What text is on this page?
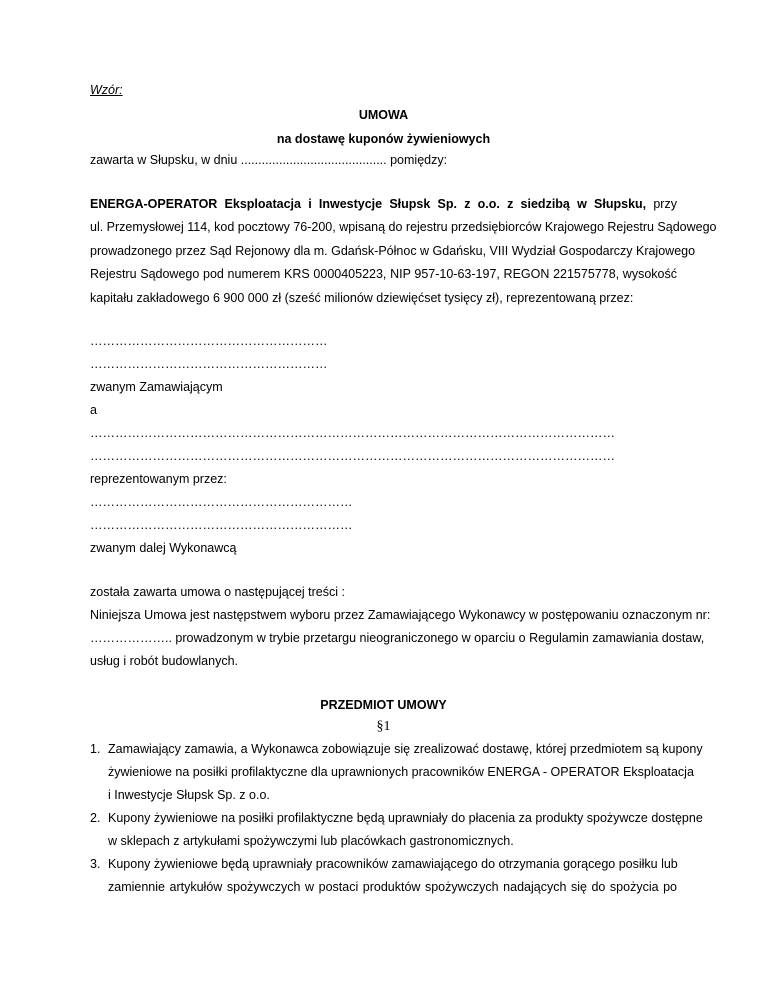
Wzór:
UMOWA
na dostawę kuponów żywieniowych
zawarta w Słupsku, w dniu .......................................... pomiędzy:
ENERGA-OPERATOR Eksploatacja i Inwestycje Słupsk Sp. z o.o. z siedzibą w Słupsku, przy
ul. Przemysłowej 114, kod pocztowy 76-200, wpisaną do rejestru przedsiębiorców Krajowego Rejestru Sądowego
prowadzonego przez Sąd Rejonowy dla m. Gdańsk-Północ w Gdańsku, VIII Wydział Gospodarczy Krajowego
Rejestru Sądowego pod numerem KRS 0000405223, NIP 957-10-63-197, REGON 221575778, wysokość
kapitału zakładowego 6 900 000 zł (sześć milionów dziewięćset tysięcy zł), reprezentowaną przez:
…………………………………………………
…………………………………………………
zwanym Zamawiającym
a
………………………………………………………………………………………………………………
………………………………………………………………………………………………………………
reprezentowanym przez:
………………………………………………………
………………………………………………………
zwanym dalej Wykonawcą
została zawarta umowa o następującej treści :
Niniejsza Umowa jest następstwem wyboru przez Zamawiającego Wykonawcy w postępowaniu oznaczonym nr:
……………….. prowadzonym w trybie przetargu nieograniczonego w oparciu o Regulamin zamawiania dostaw,
usług i robót budowlanych.
PRZEDMIOT UMOWY
§1
1. Zamawiający zamawia, a Wykonawca zobowiązuje się zrealizować dostawę, której przedmiotem są kupony
żywieniowe na posiłki profilaktyczne dla uprawnionych pracowników ENERGA - OPERATOR Eksploatacja
i Inwestycje Słupsk Sp. z o.o.
2. Kupony żywieniowe na posiłki profilaktyczne będą uprawniały do płacenia za produkty spożywcze dostępne
w sklepach z artykułami spożywczymi lub placówkach gastronomicznych.
3. Kupony żywieniowe będą uprawniały pracowników zamawiającego do otrzymania gorącego posiłku lub
zamiennie artykułów spożywczych w postaci produktów spożywczych nadających się do spożycia po
